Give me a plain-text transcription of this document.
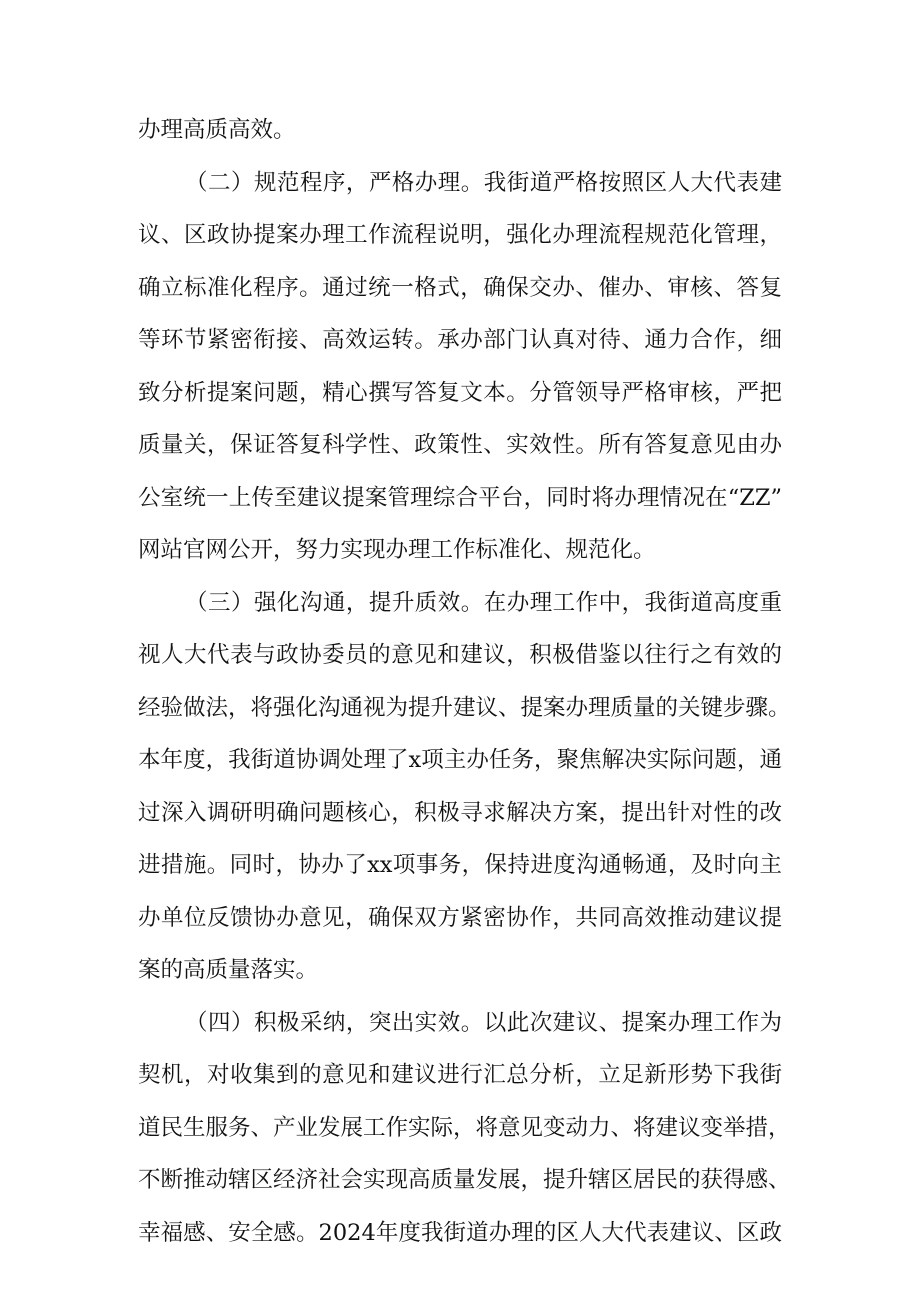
办理高质高效。
（二）规范程序，严格办理。我街道严格按照区人大代表建
议、区政协提案办理工作流程说明，强化办理流程规范化管理，
确立标准化程序。通过统一格式，确保交办、催办、审核、答复
等环节紧密衔接、高效运转。承办部门认真对待、通力合作，细
致分析提案问题，精心撰写答复文本。分管领导严格审核，严把
质量关，保证答复科学性、政策性、实效性。所有答复意见由办
公室统一上传至建议提案管理综合平台，同时将办理情况在“ZZ”
网站官网公开，努力实现办理工作标准化、规范化。
（三）强化沟通，提升质效。在办理工作中，我街道高度重
视人大代表与政协委员的意见和建议，积极借鉴以往行之有效的
经验做法，将强化沟通视为提升建议、提案办理质量的关键步骤。
本年度，我街道协调处理了x项主办任务，聚焦解决实际问题，通
过深入调研明确问题核心，积极寻求解决方案，提出针对性的改
进措施。同时，协办了xx项事务，保持进度沟通畅通，及时向主
办单位反馈协办意见，确保双方紧密协作，共同高效推动建议提
案的高质量落实。
（四）积极采纳，突出实效。以此次建议、提案办理工作为
契机，对收集到的意见和建议进行汇总分析，立足新形势下我街
道民生服务、产业发展工作实际，将意见变动力、将建议变举措，
不断推动辖区经济社会实现高质量发展，提升辖区居民的获得感、
幸福感、安全感。2024年度我街道办理的区人大代表建议、区政
